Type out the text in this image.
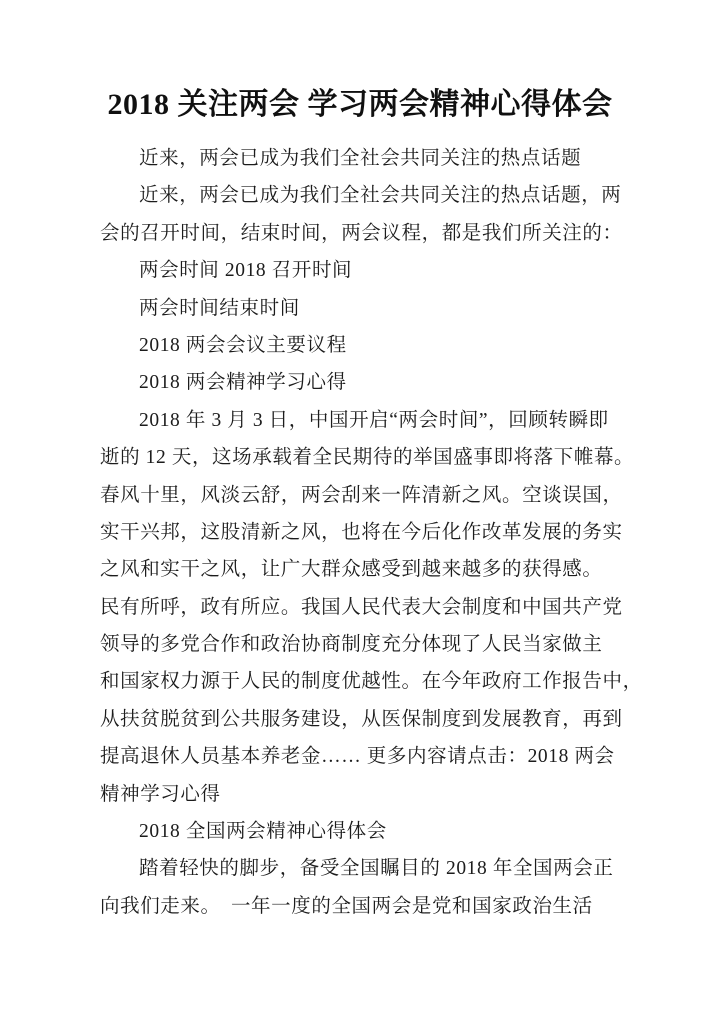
2018 关注两会 学习两会精神心得体会
近来，两会已成为我们全社会共同关注的热点话题
近来，两会已成为我们全社会共同关注的热点话题，两
会的召开时间，结束时间，两会议程，都是我们所关注的：
两会时间 2018 召开时间
两会时间结束时间
2018 两会会议主要议程
2018 两会精神学习心得
2018 年 3 月 3 日，中国开启“两会时间”，回顾转瞬即
逝的 12 天，这场承载着全民期待的举国盛事即将落下帷幕。
春风十里，风淡云舒，两会刮来一阵清新之风。空谈误国，
实干兴邦，这股清新之风，也将在今后化作改革发展的务实
之风和实干之风，让广大群众感受到越来越多的获得感。
民有所呼，政有所应。我国人民代表大会制度和中国共产党
领导的多党合作和政治协商制度充分体现了人民当家做主
和国家权力源于人民的制度优越性。在今年政府工作报告中，
从扶贫脱贫到公共服务建设，从医保制度到发展教育，再到
提高退休人员基本养老金…… 更多内容请点击：2018 两会
精神学习心得
2018 全国两会精神心得体会
踏着轻快的脚步，备受全国瞩目的 2018 年全国两会正
向我们走来。　一年一度的全国两会是党和国家政治生活
